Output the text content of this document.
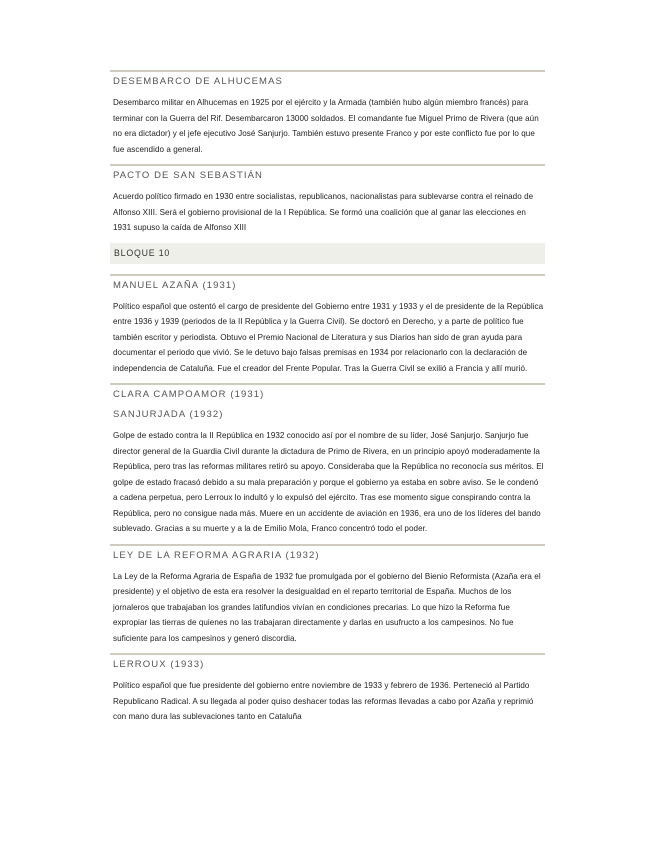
DESEMBARCO DE ALHUCEMAS
Desembarco militar en Alhucemas en 1925 por el ejército y la Armada (también hubo algún miembro francés) para terminar con la Guerra del Rif. Desembarcaron 13000 soldados. El comandante fue Miguel Primo de Rivera (que aún no era dictador) y el jefe ejecutivo José Sanjurjo. También estuvo presente Franco y por este conflicto fue por lo que fue ascendido a general.
PACTO DE SAN SEBASTIÁN
Acuerdo político firmado en 1930 entre socialistas, republicanos, nacionalistas para sublevarse contra el reinado de Alfonso XIII. Será el gobierno provisional de la I República. Se formó una coalición que al ganar las elecciones en 1931 supuso la caída de Alfonso XIII
BLOQUE 10
MANUEL AZAÑA (1931)
Político español que ostentó el cargo de presidente del Gobierno entre 1931 y 1933 y el de presidente de la República entre 1936 y 1939 (periodos de la II República y la Guerra Civil). Se doctoró en Derecho, y a parte de político fue también escritor y periodista. Obtuvo el Premio Nacional de Literatura y sus Diarios han sido de gran ayuda para documentar el periodo que vivió. Se le detuvo bajo falsas premisas en 1934 por relacionarlo con la declaración de independencia de Cataluña. Fue el creador del Frente Popular. Tras la Guerra Civil se exilió a Francia y allí murió.
CLARA CAMPOAMOR (1931)
SANJURJADA (1932)
Golpe de estado contra la II República en 1932 conocido así por el nombre de su líder, José Sanjurjo. Sanjurjo fue director general de la Guardia Civil durante la dictadura de Primo de Rivera, en un principio apoyó moderadamente la República, pero tras las reformas militares retiró su apoyo. Consideraba que la República no reconocía sus méritos. El golpe de estado fracasó debido a su mala preparación y porque el gobierno ya estaba en sobre aviso. Se le condenó a cadena perpetua, pero Lerroux lo indultó y lo expulsó del ejército. Tras ese momento sigue conspirando contra la República, pero no consigue nada más. Muere en un accidente de aviación en 1936, era uno de los líderes del bando sublevado. Gracias a su muerte y a la de Emilio Mola, Franco concentró todo el poder.
LEY DE LA REFORMA AGRARIA (1932)
La Ley de la Reforma Agraria de España de 1932 fue promulgada por el gobierno del Bienio Reformista (Azaña era el presidente) y el objetivo de esta era resolver la desigualdad en el reparto territorial de España. Muchos de los jornaleros que trabajaban los grandes latifundios vivían en condiciones precarias. Lo que hizo la Reforma fue expropiar las tierras de quienes no las trabajaran directamente y darlas en usufructo a los campesinos. No fue suficiente para los campesinos y generó discordia.
LERROUX (1933)
Político español que fue presidente del gobierno entre noviembre de 1933 y febrero de 1936. Perteneció al Partido Republicano Radical. A su llegada al poder quiso deshacer todas las reformas llevadas a cabo por Azaña y reprimió con mano dura las sublevaciones tanto en Cataluña
